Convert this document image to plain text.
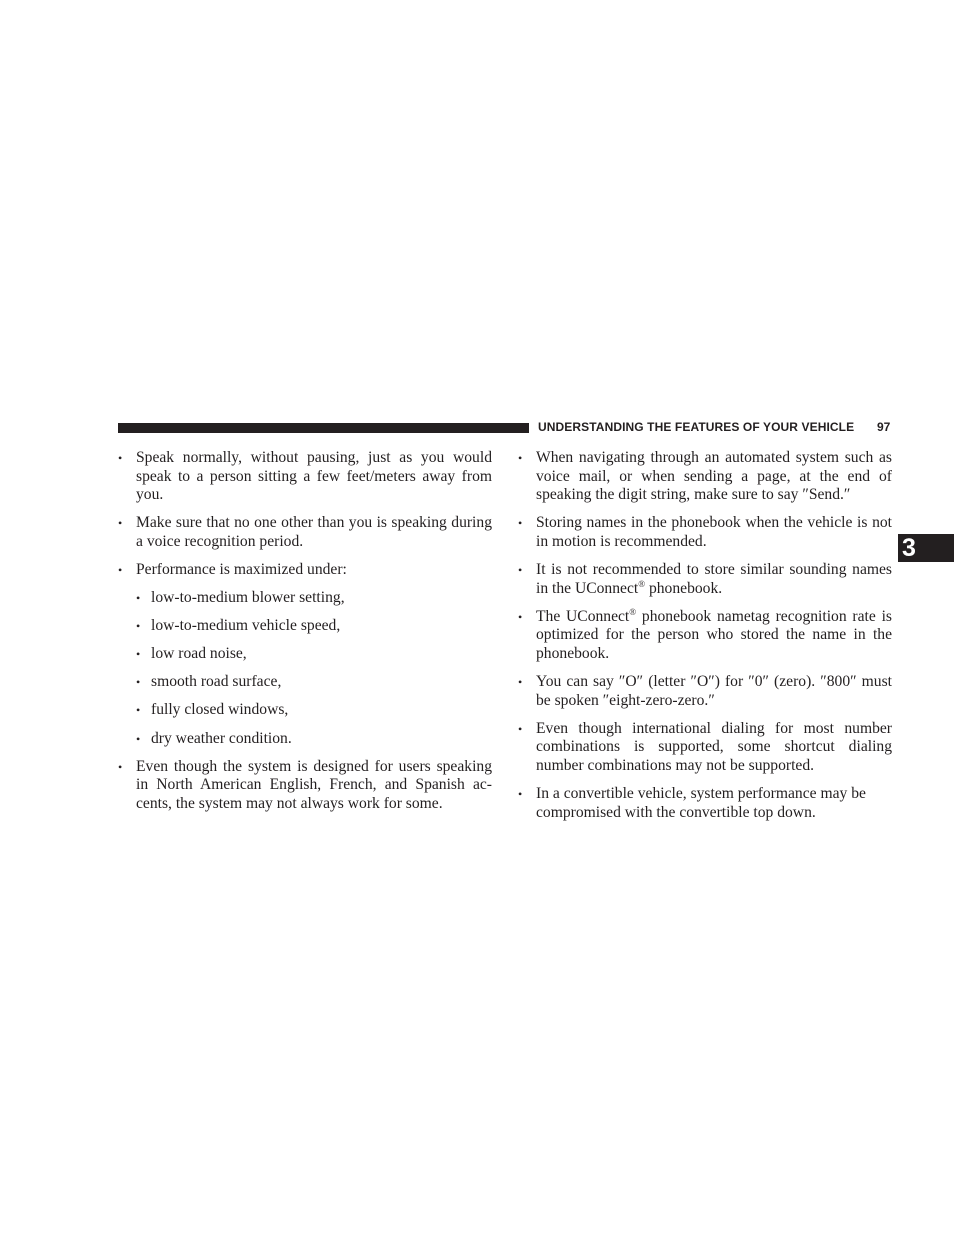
UNDERSTANDING THE FEATURES OF YOUR VEHICLE 97
3
• Speak normally, without pausing, just as you would speak to a person sitting a few feet/meters away from you.
• Make sure that no one other than you is speaking during a voice recognition period.
• Performance is maximized under:
• low-to-medium blower setting,
• low-to-medium vehicle speed,
• low road noise,
• smooth road surface,
• fully closed windows,
• dry weather condition.
• Even though the system is designed for users speaking in North American English, French, and Spanish ac-cents, the system may not always work for some.
• When navigating through an automated system such as voice mail, or when sending a page, at the end of speaking the digit string, make sure to say ″Send.″
• Storing names in the phonebook when the vehicle is not in motion is recommended.
• It is not recommended to store similar sounding names in the UConnect® phonebook.
• The UConnect® phonebook nametag recognition rate is optimized for the person who stored the name in the phonebook.
• You can say ″O″ (letter ″O″) for ″0″ (zero). ″800″ must be spoken ″eight-zero-zero.″
• Even though international dialing for most number combinations is supported, some shortcut dialing number combinations may not be supported.
• In a convertible vehicle, system performance may be compromised with the convertible top down.
